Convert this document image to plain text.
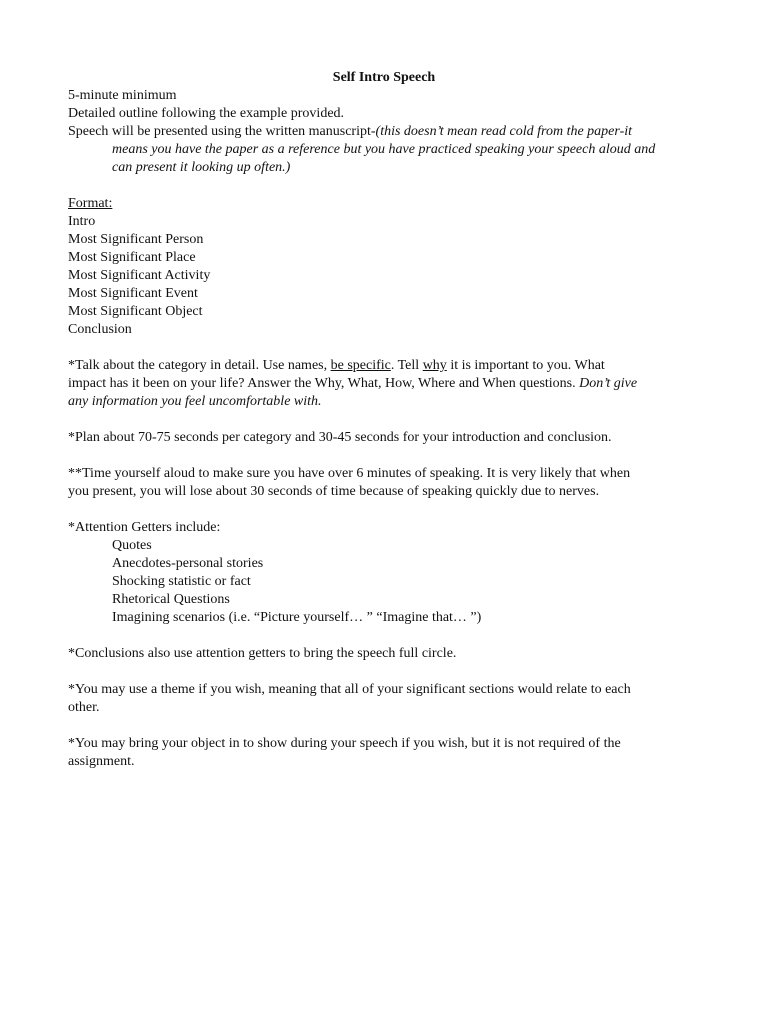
Self Intro Speech
5-minute minimum
Detailed outline following the example provided.
Speech will be presented using the written manuscript-(this doesn’t mean read cold from the paper-it
means you have the paper as a reference but you have practiced speaking your speech aloud and
can present it looking up often.)
Format:
Intro
Most Significant Person
Most Significant Place
Most Significant Activity
Most Significant Event
Most Significant Object
Conclusion
*Talk about the category in detail. Use names, be specific. Tell why it is important to you. What
impact has it been on your life? Answer the Why, What, How, Where and When questions. Don’t give
any information you feel uncomfortable with.
*Plan about 70-75 seconds per category and 30-45 seconds for your introduction and conclusion.
**Time yourself aloud to make sure you have over 6 minutes of speaking. It is very likely that when
you present, you will lose about 30 seconds of time because of speaking quickly due to nerves.
*Attention Getters include:
Quotes
Anecdotes-personal stories
Shocking statistic or fact
Rhetorical Questions
Imagining scenarios (i.e. “Picture yourself… ” “Imagine that… ”)
*Conclusions also use attention getters to bring the speech full circle.
*You may use a theme if you wish, meaning that all of your significant sections would relate to each
other.
*You may bring your object in to show during your speech if you wish, but it is not required of the
assignment.
